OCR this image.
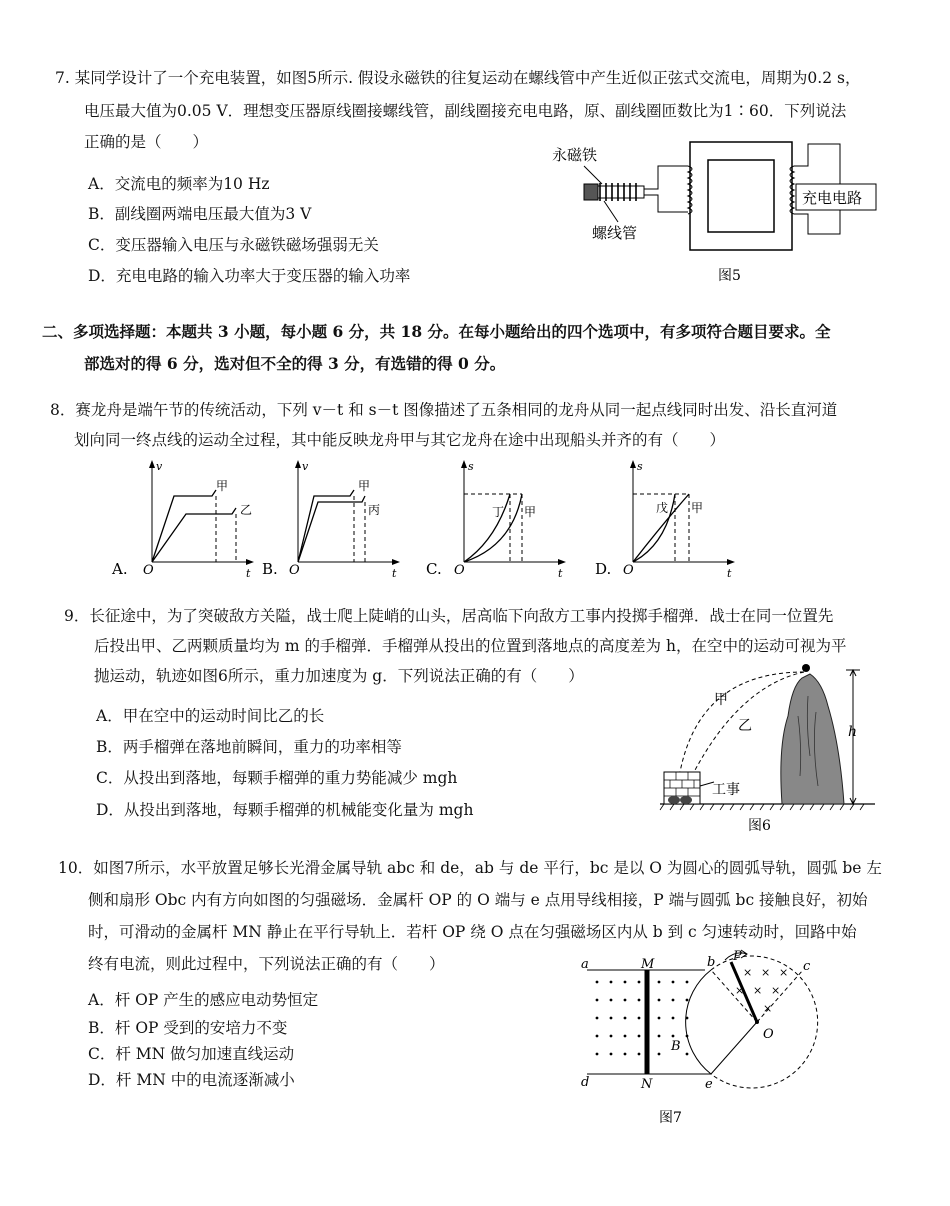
7. 某同学设计了一个充电装置，如图5所示. 假设永磁铁的往复运动在螺线管中产生近似正弦式交流电，周期为0.2 s，
电压最大值为0.05 V．理想变压器原线圈接螺线管，副线圈接充电电路，原、副线圈匝数比为1∶60．下列说法
正确的是（　　）
A．交流电的频率为10 Hz
B．副线圈两端电压最大值为3 V
C．变压器输入电压与永磁铁磁场强弱无关
D．充电电路的输入功率大于变压器的输入功率
永磁铁
螺线管
充电电路
图5
二、多项选择题：本题共 3 小题，每小题 6 分，共 18 分。在每小题给出的四个选项中，有多项符合题目要求。全
部选对的得 6 分，选对但不全的得 3 分，有选错的得 0 分。
8．赛龙舟是端午节的传统活动，下列 v－t 和 s－t 图像描述了五条相同的龙舟从同一起点线同时出发、沿长直河道
划向同一终点线的运动全过程，其中能反映龙舟甲与其它龙舟在途中出现船头并齐的有（　　）
A. O
v
t
甲
乙
B. O
v
t
甲
丙
C. O
s
t
丁 甲
D. O
s
t
戊 甲
9．长征途中，为了突破敌方关隘，战士爬上陡峭的山头，居高临下向敌方工事内投掷手榴弹．战士在同一位置先
后投出甲、乙两颗质量均为 m 的手榴弹．手榴弹从投出的位置到落地点的高度差为 h，在空中的运动可视为平
抛运动，轨迹如图6所示，重力加速度为 g．下列说法正确的有（　　）
A．甲在空中的运动时间比乙的长
B．两手榴弹在落地前瞬间，重力的功率相等
C．从投出到落地，每颗手榴弹的重力势能减少 mgh
D．从投出到落地，每颗手榴弹的机械能变化量为 mgh
工事
甲
乙	h
图6
10．如图7所示，水平放置足够长光滑金属导轨 abc 和 de，ab 与 de 平行，bc 是以 O 为圆心的圆弧导轨，圆弧 be 左
侧和扇形 Obc 内有方向如图的匀强磁场．金属杆 OP 的 O 端与 e 点用导线相接，P 端与圆弧 bc 接触良好，初始
时，可滑动的金属杆 MN 静止在平行导轨上．若杆 OP 绕 O 点在匀强磁场区内从 b 到 c 匀速转动时，回路中始
终有电流，则此过程中，下列说法正确的有（　　）
A．杆 OP 产生的感应电动势恒定
B．杆 OP 受到的安培力不变
C．杆 MN 做匀加速直线运动
D．杆 MN 中的电流逐渐减小
× × ×
× × ×
×
a	M	b P
c
O
B
d	N	e
图7
